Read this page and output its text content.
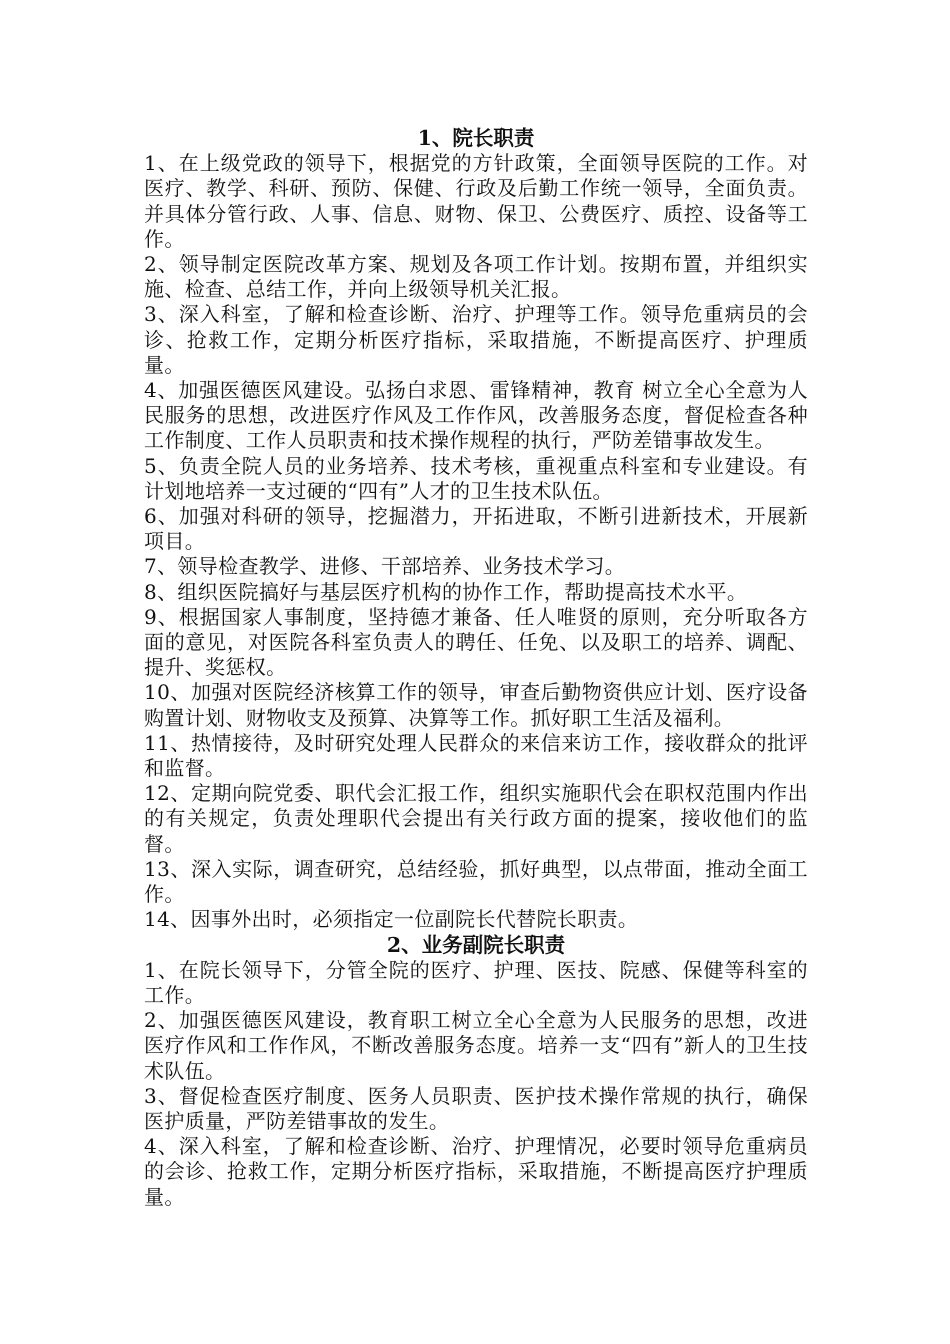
1、院长职责

1、在上级党政的领导下，根据党的方针政策，全面领导医院的工作。对医疗、教学、科研、预防、保健、行政及后勤工作统一领导，全面负责。并具体分管行政、人事、信息、财物、保卫、公费医疗、质控、设备等工作。

2、领导制定医院改革方案、规划及各项工作计划。按期布置，并组织实施、检查、总结工作，并向上级领导机关汇报。

3、深入科室，了解和检查诊断、治疗、护理等工作。领导危重病员的会诊、抢救工作，定期分析医疗指标，采取措施，不断提高医疗、护理质量。

4、加强医德医风建设。弘扬白求恩、雷锋精神，教育 树立全心全意为人民服务的思想，改进医疗作风及工作作风，改善服务态度，督促检查各种工作制度、工作人员职责和技术操作规程的执行，严防差错事故发生。

5、负责全院人员的业务培养、技术考核，重视重点科室和专业建设。有计划地培养一支过硬的“四有”人才的卫生技术队伍。

6、加强对科研的领导，挖掘潜力，开拓进取，不断引进新技术，开展新项目。

7、领导检查教学、进修、干部培养、业务技术学习。

8、组织医院搞好与基层医疗机构的协作工作，帮助提高技术水平。

9、根据国家人事制度，坚持德才兼备、任人唯贤的原则，充分听取各方面的意见，对医院各科室负责人的聘任、任免、以及职工的培养、调配、提升、奖惩权。

10、加强对医院经济核算工作的领导，审查后勤物资供应计划、医疗设备购置计划、财物收支及预算、决算等工作。抓好职工生活及福利。

11、热情接待，及时研究处理人民群众的来信来访工作，接收群众的批评和监督。

12、定期向院党委、职代会汇报工作，组织实施职代会在职权范围内作出的有关规定，负责处理职代会提出有关行政方面的提案，接收他们的监督。

13、深入实际，调查研究，总结经验，抓好典型，以点带面，推动全面工作。

14、因事外出时，必须指定一位副院长代替院长职责。

2、业务副院长职责

1、在院长领导下，分管全院的医疗、护理、医技、院感、保健等科室的工作。

2、加强医德医风建设，教育职工树立全心全意为人民服务的思想，改进医疗作风和工作作风，不断改善服务态度。培养一支“四有”新人的卫生技术队伍。

3、督促检查医疗制度、医务人员职责、医护技术操作常规的执行，确保医护质量，严防差错事故的发生。

4、深入科室，了解和检查诊断、治疗、护理情况，必要时领导危重病员的会诊、抢救工作，定期分析医疗指标，采取措施，不断提高医疗护理质量。
